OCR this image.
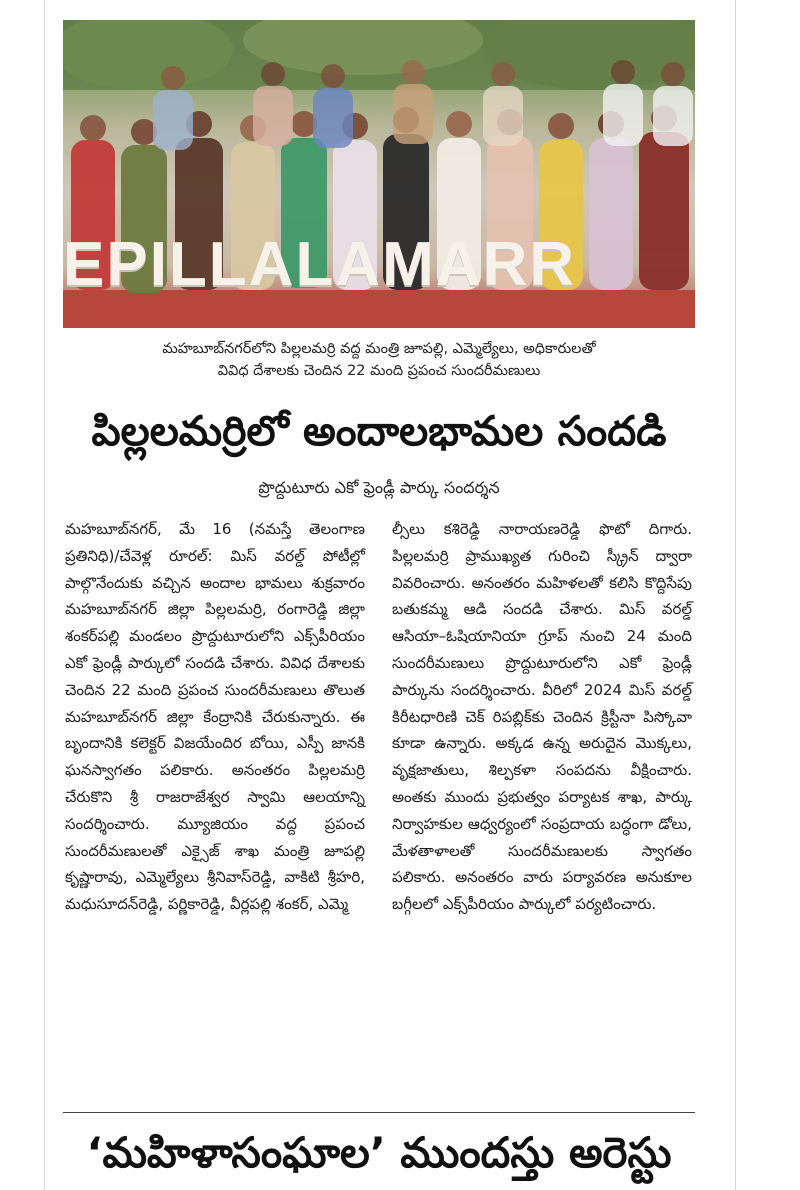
EPILLALAMARR
మహబూబ్‌నగర్‌లోని పిల్లలమర్రి వద్ద మంత్రి జూపల్లి, ఎమ్మెల్యేలు, అధికారులతో
వివిధ దేశాలకు చెందిన 22 మంది ప్రపంచ సుందరీమణులు
పిల్లలమర్రిలో అందాలభామల సందడి
ప్రొద్దుటూరు ఎకో ఫ్రెండ్లీ పార్కు సందర్శన

మహబూబ్‌నగర్‌, మే 16 (నమస్తే తెలంగాణ ప్రతినిధి)/చేవెళ్ల రూరల్‌: మిస్‌ వరల్డ్‌ పోటీల్లో పాల్గొనేందుకు వచ్చిన అందాల భామలు శుక్రవారం మహబూబ్‌నగర్‌ జిల్లా పిల్లలమర్రి, రంగారెడ్డి జిల్లా శంకర్‌పల్లి మండలం ప్రొద్దుటూరులోని ఎక్స్‌పీరియం ఎకో ఫ్రెండ్లీ పార్కులో సందడి చేశారు. వివిధ దేశాలకు చెందిన 22 మంది ప్రపంచ సుందరీమణులు తొలుత మహబూబ్‌నగర్‌ జిల్లా కేంద్రానికి చేరుకున్నారు. ఈ బృందానికి కలెక్టర్‌ విజయేందిర బోయి, ఎస్పీ జానకి ఘనస్వాగతం పలికారు. అనంతరం పిల్లలమర్రి చేరుకొని శ్రీ రాజరాజేశ్వర స్వామి ఆలయాన్ని సందర్శించారు. మ్యూజియం వద్ద ప్రపంచ సుందరీమణులతో ఎక్సైజ్‌ శాఖ మంత్రి జూపల్లి కృష్ణారావు, ఎమ్మెల్యేలు శ్రీనివాస్‌రెడ్డి, వాకిటి శ్రీహరి, మధుసూదన్‌రెడ్డి, పర్ణికారెడ్డి, వీర్లపల్లి శంకర్‌, ఎమ్మె

ల్సీలు కశిరెడ్డి నారాయణరెడ్డి ఫొటో దిగారు. పిల్లలమర్రి ప్రాముఖ్యత గురించి స్క్రీన్‌ ద్వారా వివరించారు. అనంతరం మహిళలతో కలిసి కొద్దిసేపు బతుకమ్మ ఆడి సందడి చేశారు. మిస్‌ వరల్డ్‌ ఆసియా–ఓషియానియా గ్రూప్‌ నుంచి 24 మంది సుందరీమణులు ప్రొద్దుటూరులోని ఎకో ఫ్రెండ్లీ పార్కును సందర్శించారు. వీరిలో 2024 మిస్‌ వరల్డ్‌ కిరీటధారిణి చెక్‌ రిపబ్లిక్‌కు చెందిన క్రిస్టీనా పిస్కోవా కూడా ఉన్నారు. అక్కడ ఉన్న అరుదైన మొక్కలు, వృక్షజాతులు, శిల్పకళా సంపదను వీక్షించారు. అంతకు ముందు ప్రభుత్వం పర్యాటక శాఖ, పార్కు నిర్వాహకుల ఆధ్వర్యంలో సంప్రదాయ బద్ధంగా డోలు, మేళతాళాలతో సుందరీమణులకు స్వాగతం పలికారు. అనంతరం వారు పర్యావరణ అనుకూల బగ్గీలలో ఎక్స్‌పీరియం పార్కులో పర్యటించారు.

‘మహిళాసంఘాల’ ముందస్తు అరెస్టు
